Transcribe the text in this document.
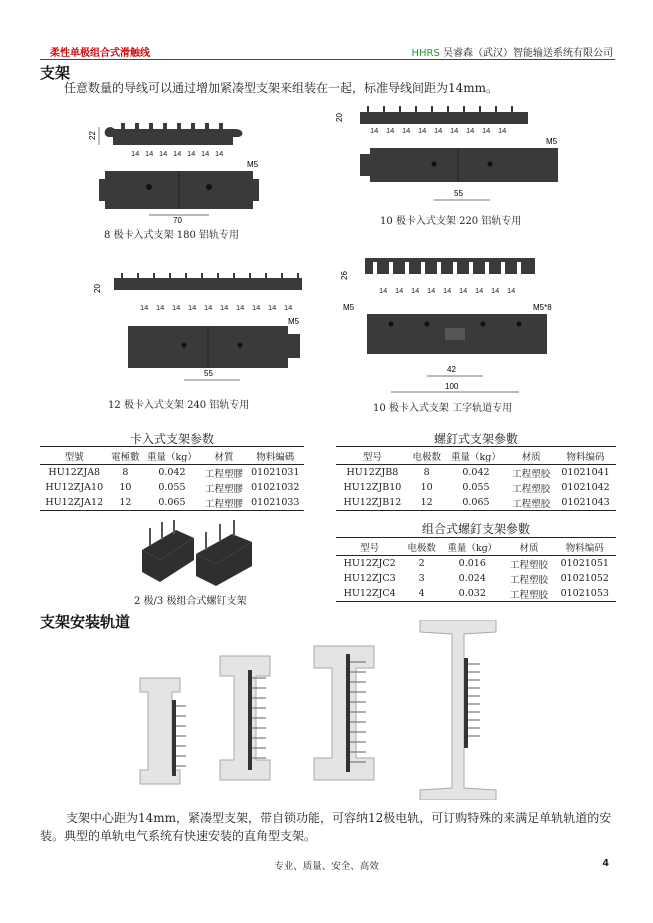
柔性单极组合式滑触线	HHRS 吴睿森（武汉）智能输送系统有限公司
支架
任意数量的导线可以通过增加紧凑型支架来组装在一起，标准导线间距为14mm。
22
14 14 14 14 14 14 14
M5
70
8 极卡入式支架 180 铝轨专用
20
14 14 14 14 14 14 14 14 14
M5
55
10 极卡入式支架 220 铝轨专用
20
14 14 14 14 14 14 14 14 14 14
M5
55
12 极卡入式支架 240 铝轨专用
26
14 14 14 14 14 14 14 14 14
M5	M5*8
42
100
10 极卡入式支架 工字轨道专用
卡入式支架参数
型號	電極數	重量（kg）	材質	物料編碼
HU12ZJA8	8	0.042	工程塑膠	01021031
HU12ZJA10	10	0.055	工程塑膠	01021032
HU12ZJA12	12	0.065	工程塑膠	01021033
螺釘式支架參數
型号	电极数	重量（kg）	材质	物料编码
HU12ZJB8	8	0.042	工程塑胶	01021041
HU12ZJB10	10	0.055	工程塑胶	01021042
HU12ZJB12	12	0.065	工程塑胶	01021043
组合式螺釘支架參數
型号	电极数	重量（kg）	材质	物料编码
HU12ZJC2	2	0.016	工程塑胶	01021051
HU12ZJC3	3	0.024	工程塑胶	01021052
HU12ZJC4	4	0.032	工程塑胶	01021053
2 极/3 极组合式螺钉支架
支架安装轨道
支架中心距为14mm，紧凑型支架，带自锁功能，可容纳12极电轨，可订购特殊的来满足单轨轨道的安装。典型的单轨电气系统有快速安装的直角型支架。
专业、质量、安全、高效	4
